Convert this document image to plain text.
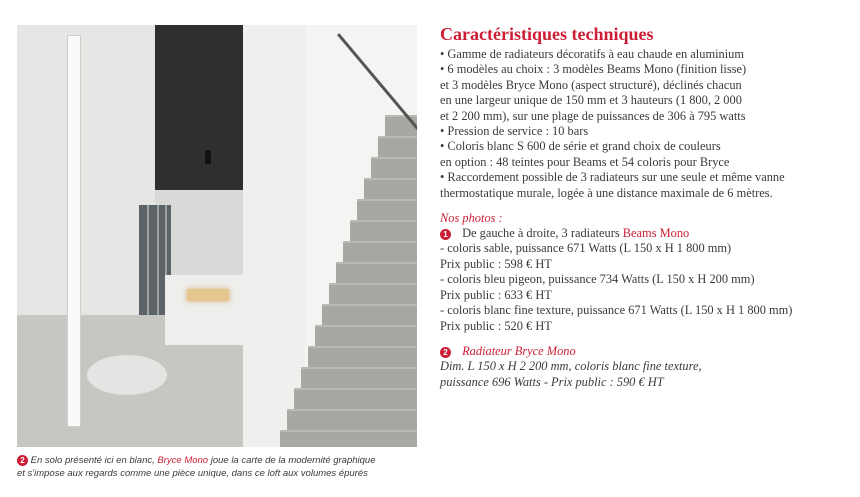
2 En solo présenté ici en blanc, Bryce Mono joue la carte de la modernité graphique
et s'impose aux regards comme une pièce unique, dans ce loft aux volumes épurés
Caractéristiques techniques
• Gamme de radiateurs décoratifs à eau chaude en aluminium
• 6 modèles au choix : 3 modèles Beams Mono (finition lisse)
et 3 modèles Bryce Mono (aspect structuré), déclinés chacun
en une largeur unique de 150 mm et 3 hauteurs (1 800, 2 000
et 2 200 mm), sur une plage de puissances de 306 à 795 watts
• Pression de service : 10 bars
• Coloris blanc S 600 de série et grand choix de couleurs
en option : 48 teintes pour Beams et 54 coloris pour Bryce
• Raccordement possible de 3 radiateurs sur une seule et même vanne
thermostatique murale, logée à une distance maximale de 6 mètres.
Nos photos :
1 De gauche à droite, 3 radiateurs Beams Mono
- coloris sable, puissance 671 Watts (L 150 x H 1 800 mm)
Prix public : 598 € HT
- coloris bleu pigeon, puissance 734 Watts (L 150 x H 200 mm)
Prix public : 633 € HT
- coloris blanc fine texture, puissance 671 Watts (L 150 x H 1 800 mm)
Prix public : 520 € HT
2 Radiateur Bryce Mono
Dim. L 150 x H 2 200 mm, coloris blanc fine texture,
puissance 696 Watts - Prix public : 590 € HT
